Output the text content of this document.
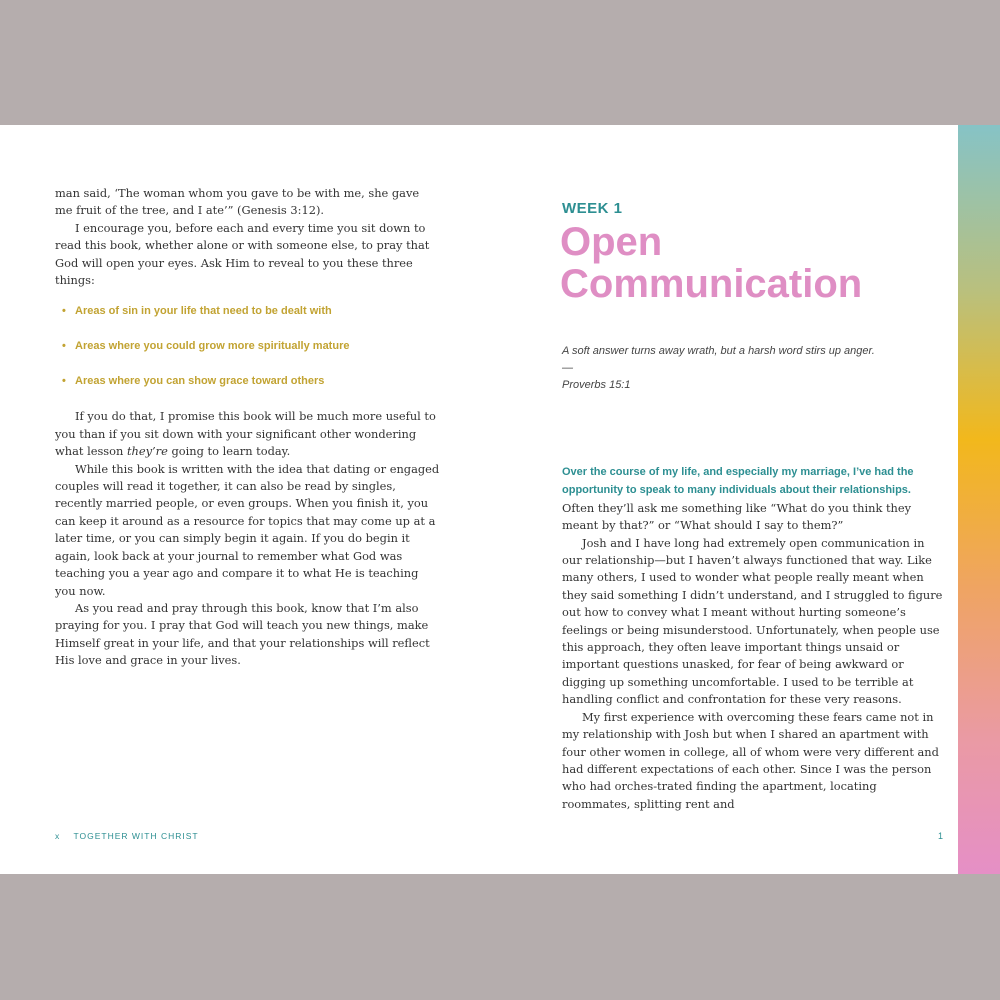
man said, ‘The woman whom you gave to be with me, she gave me fruit of the tree, and I ate’” (Genesis 3:12).

I encourage you, before each and every time you sit down to read this book, whether alone or with someone else, to pray that God will open your eyes. Ask Him to reveal to you these three things:

• Areas of sin in your life that need to be dealt with
• Areas where you could grow more spiritually mature
• Areas where you can show grace toward others

If you do that, I promise this book will be much more useful to you than if you sit down with your significant other wondering what lesson they’re going to learn today.

While this book is written with the idea that dating or engaged couples will read it together, it can also be read by singles, recently married people, or even groups. When you finish it, you can keep it around as a resource for topics that may come up at a later time, or you can simply begin it again. If you do begin it again, look back at your journal to remember what God was teaching you a year ago and compare it to what He is teaching you now.

As you read and pray through this book, know that I’m also praying for you. I pray that God will teach you new things, make Himself great in your life, and that your relationships will reflect His love and grace in your lives.

x TOGETHER WITH CHRIST
WEEK 1
Open
Communication
A soft answer turns away wrath, but a harsh word stirs up anger.
—
Proverbs 15:1

Over the course of my life, and especially my marriage, I’ve had the opportunity to speak to many individuals about their relationships. Often they’ll ask me something like “What do you think they meant by that?” or “What should I say to them?”

Josh and I have long had extremely open communication in our relationship—but I haven’t always functioned that way. Like many others, I used to wonder what people really meant when they said something I didn’t understand, and I struggled to figure out how to convey what I meant without hurting someone’s feelings or being misunderstood. Unfortunately, when people use this approach, they often leave important things unsaid or important questions unasked, for fear of being awkward or digging up something uncomfortable. I used to be terrible at handling conflict and confrontation for these very reasons.

My first experience with overcoming these fears came not in my relationship with Josh but when I shared an apartment with four other women in college, all of whom were very different and had different expectations of each other. Since I was the person who had orches-trated finding the apartment, locating roommates, splitting rent and

1
